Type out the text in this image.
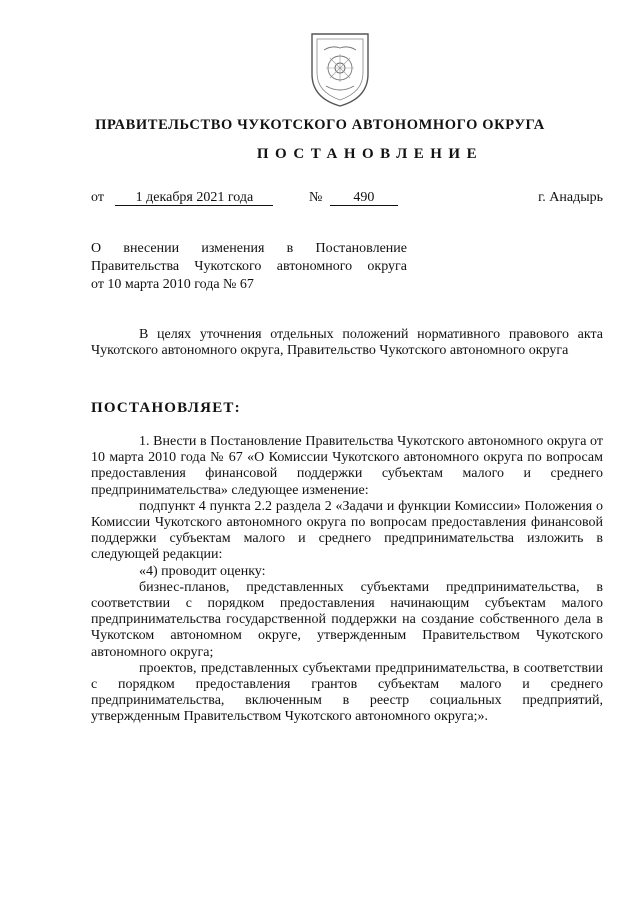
ПРАВИТЕЛЬСТВО ЧУКОТСКОГО АВТОНОМНОГО ОКРУГА
ПОСТАНОВЛЕНИЕ
от 1 декабря 2021 года	№ 490	г. Анадырь
О внесении изменения в Постановление
Правительства Чукотского автономного округа
от 10 марта 2010 года № 67
В целях уточнения отдельных положений нормативного правового акта Чукотского автономного округа, Правительство Чукотского автономного округа
ПОСТАНОВЛЯЕТ:

1. Внести в Постановление Правительства Чукотского автономного округа от 10 марта 2010 года № 67 «О Комиссии Чукотского автономного округа по вопросам предоставления финансовой поддержки субъектам малого и среднего предпринимательства» следующее изменение:

подпункт 4 пункта 2.2 раздела 2 «Задачи и функции Комиссии» Положения о Комиссии Чукотского автономного округа по вопросам предоставления финансовой поддержки субъектам малого и среднего предпринимательства изложить в следующей редакции:

«4) проводит оценку:

бизнес-планов, представленных субъектами предпринимательства, в соответствии с порядком предоставления начинающим субъектам малого предпринимательства государственной поддержки на создание собственного дела в Чукотском автономном округе, утвержденным Правительством Чукотского автономного округа;

проектов, представленных субъектами предпринимательства, в соответствии с порядком предоставления грантов субъектам малого и среднего предпринимательства, включенным в реестр социальных предприятий, утвержденным Правительством Чукотского автономного округа;».
